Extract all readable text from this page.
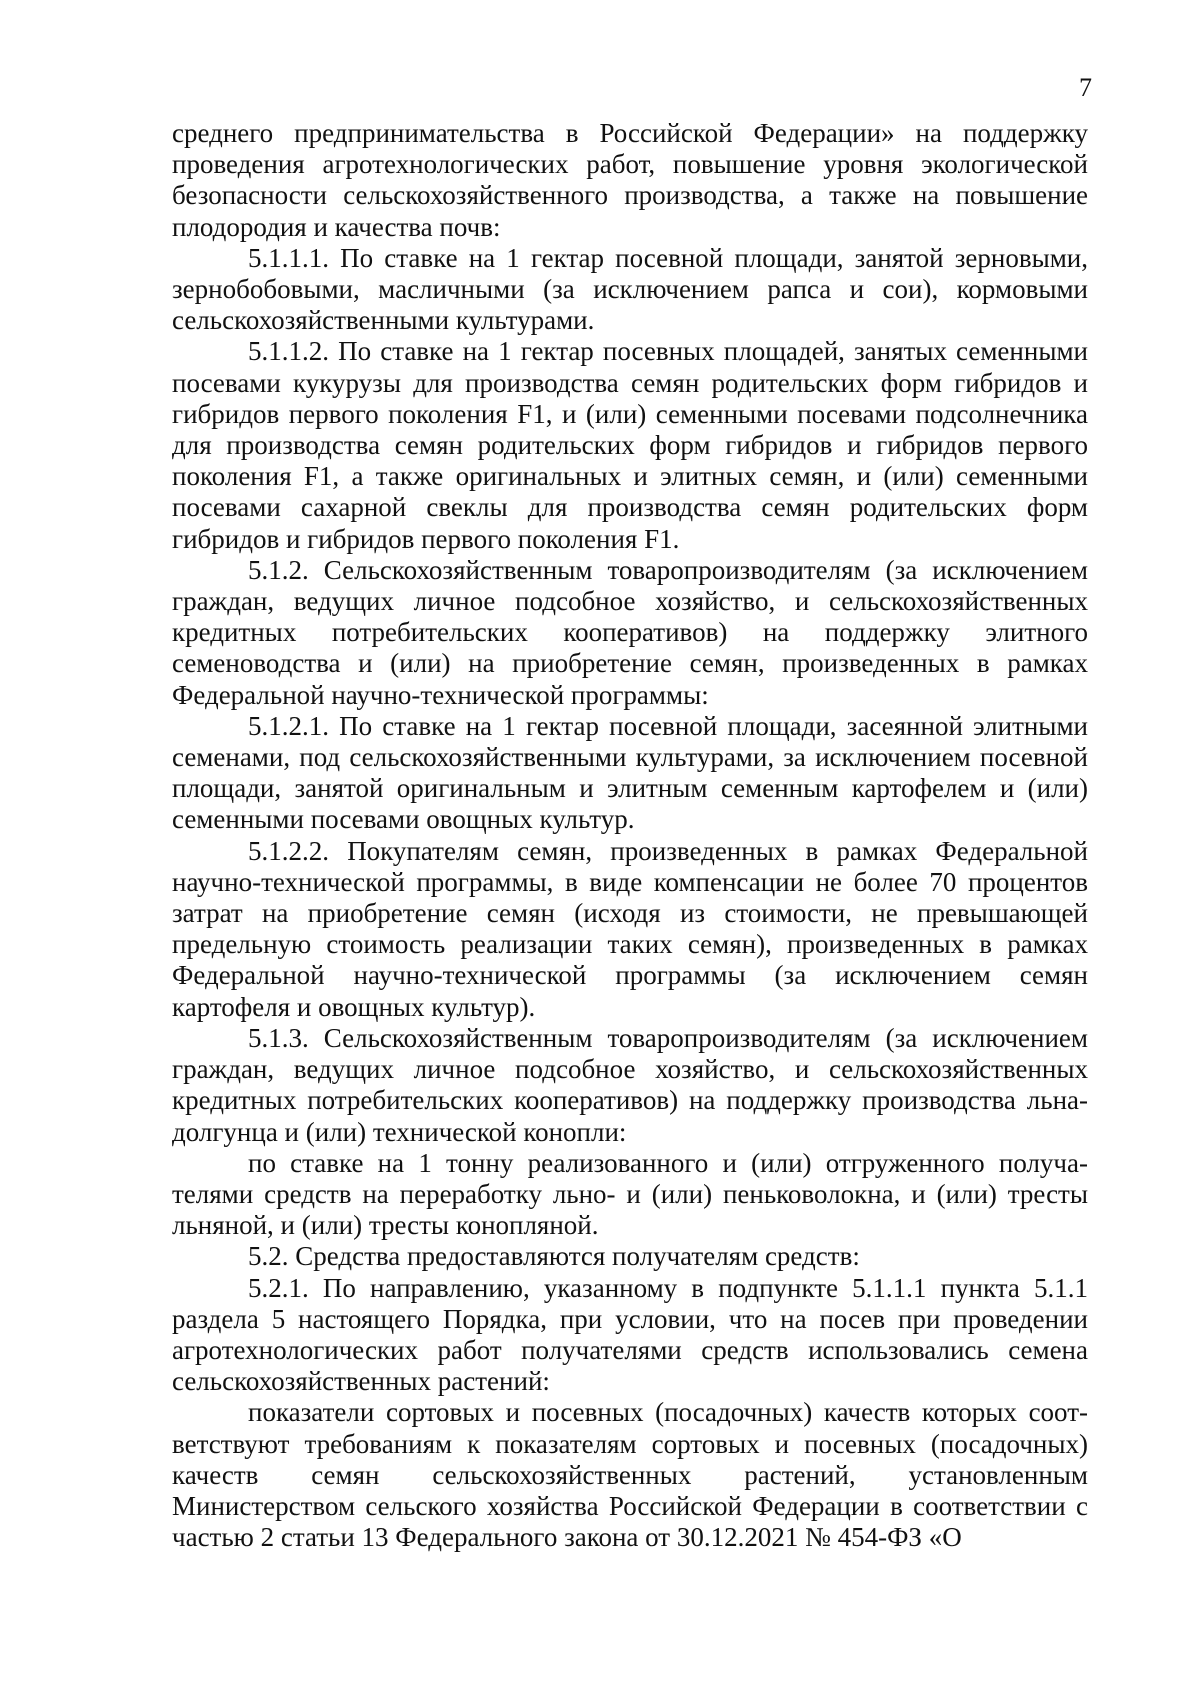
7

среднего предпринимательства в Российской Федерации» на поддержку проведения агротехнологических работ, повышение уровня экологической безопасности сельскохозяйственного производства, а также на повышение плодородия и качества почв:

5.1.1.1. По ставке на 1 гектар посевной площади, занятой зерновыми, зернобобовыми, масличными (за исключением рапса и сои), кормовыми сельскохозяйственными культурами.

5.1.1.2. По ставке на 1 гектар посевных площадей, занятых семенными посевами кукурузы для производства семян родительских форм гибридов и гибридов первого поколения F1, и (или) семенными посевами подсолнечника для производства семян родительских форм гибридов и гибридов первого поколения F1, а также оригинальных и элитных семян, и (или) семенными посевами сахарной свеклы для производства семян родительских форм гибридов и гибридов первого поколения F1.

5.1.2. Сельскохозяйственным товаропроизводителям (за исключением граждан, ведущих личное подсобное хозяйство, и сельскохозяйственных кредитных потребительских кооперативов) на поддержку элитного семеноводства и (или) на приобретение семян, произведенных в рамках Федеральной научно-технической программы:

5.1.2.1. По ставке на 1 гектар посевной площади, засеянной элитными семенами, под сельскохозяйственными культурами, за исключением посевной площади, занятой оригинальным и элитным семенным картофелем и (или) семенными посевами овощных культур.

5.1.2.2. Покупателям семян, произведенных в рамках Федеральной научно-технической программы, в виде компенсации не более 70 процентов затрат на приобретение семян (исходя из стоимости, не превышающей предельную стоимость реализации таких семян), произведенных в рамках Федеральной научно-технической программы (за исключением семян картофеля и овощных культур).

5.1.3. Сельскохозяйственным товаропроизводителям (за исключением граждан, ведущих личное подсобное хозяйство, и сельскохозяйственных кредитных потребительских кооперативов) на поддержку производства льна-долгунца и (или) технической конопли:

по ставке на 1 тонну реализованного и (или) отгруженного получателями средств на переработку льно- и (или) пеньковолокна, и (или) тресты льняной, и (или) тресты конопляной.

5.2. Средства предоставляются получателям средств:

5.2.1. По направлению, указанному в подпункте 5.1.1.1 пункта 5.1.1 раздела 5 настоящего Порядка, при условии, что на посев при проведении агротехнологических работ получателями средств использовались семена сельскохозяйственных растений:

показатели сортовых и посевных (посадочных) качеств которых соответствуют требованиям к показателям сортовых и посевных (посадочных) качеств семян сельскохозяйственных растений, установленным Министерством сельского хозяйства Российской Федерации в соответствии с частью 2 статьи 13 Федерального закона от 30.12.2021 № 454-ФЗ «О
